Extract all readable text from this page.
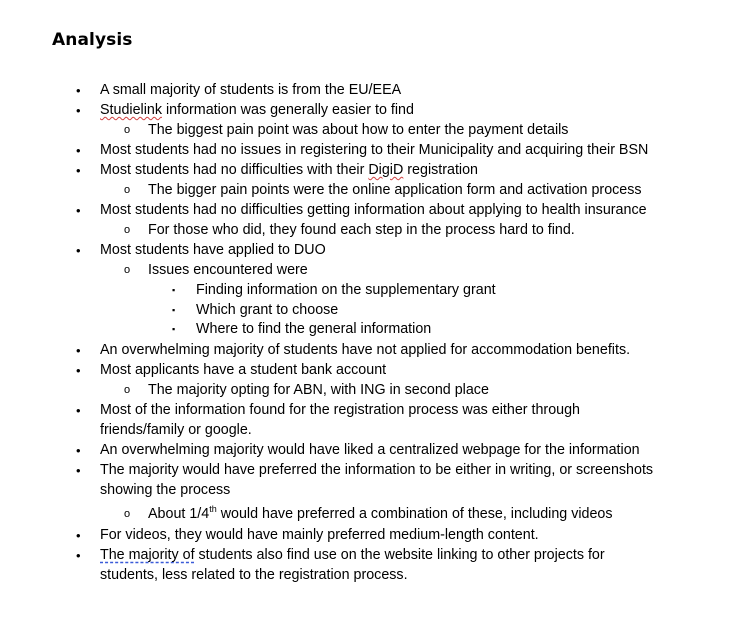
Analysis
• A small majority of students is from the EU/EEA
• Studielink information was generally easier to find
o The biggest pain point was about how to enter the payment details
• Most students had no issues in registering to their Municipality and acquiring their BSN
• Most students had no difficulties with their DigiD registration
o The bigger pain points were the online application form and activation process
• Most students had no difficulties getting information about applying to health insurance
o For those who did, they found each step in the process hard to find.
• Most students have applied to DUO
o Issues encountered were
▪ Finding information on the supplementary grant
▪ Which grant to choose
▪ Where to find the general information
• An overwhelming majority of students have not applied for accommodation benefits.
• Most applicants have a student bank account
o The majority opting for ABN, with ING in second place
• Most of the information found for the registration process was either through
friends/family or google.
• An overwhelming majority would have liked a centralized webpage for the information
• The majority would have preferred the information to be either in writing, or screenshots
showing the process
o About 1/4th would have preferred a combination of these, including videos
• For videos, they would have mainly preferred medium-length content.
• The majority of students also find use on the website linking to other projects for
students, less related to the registration process.
